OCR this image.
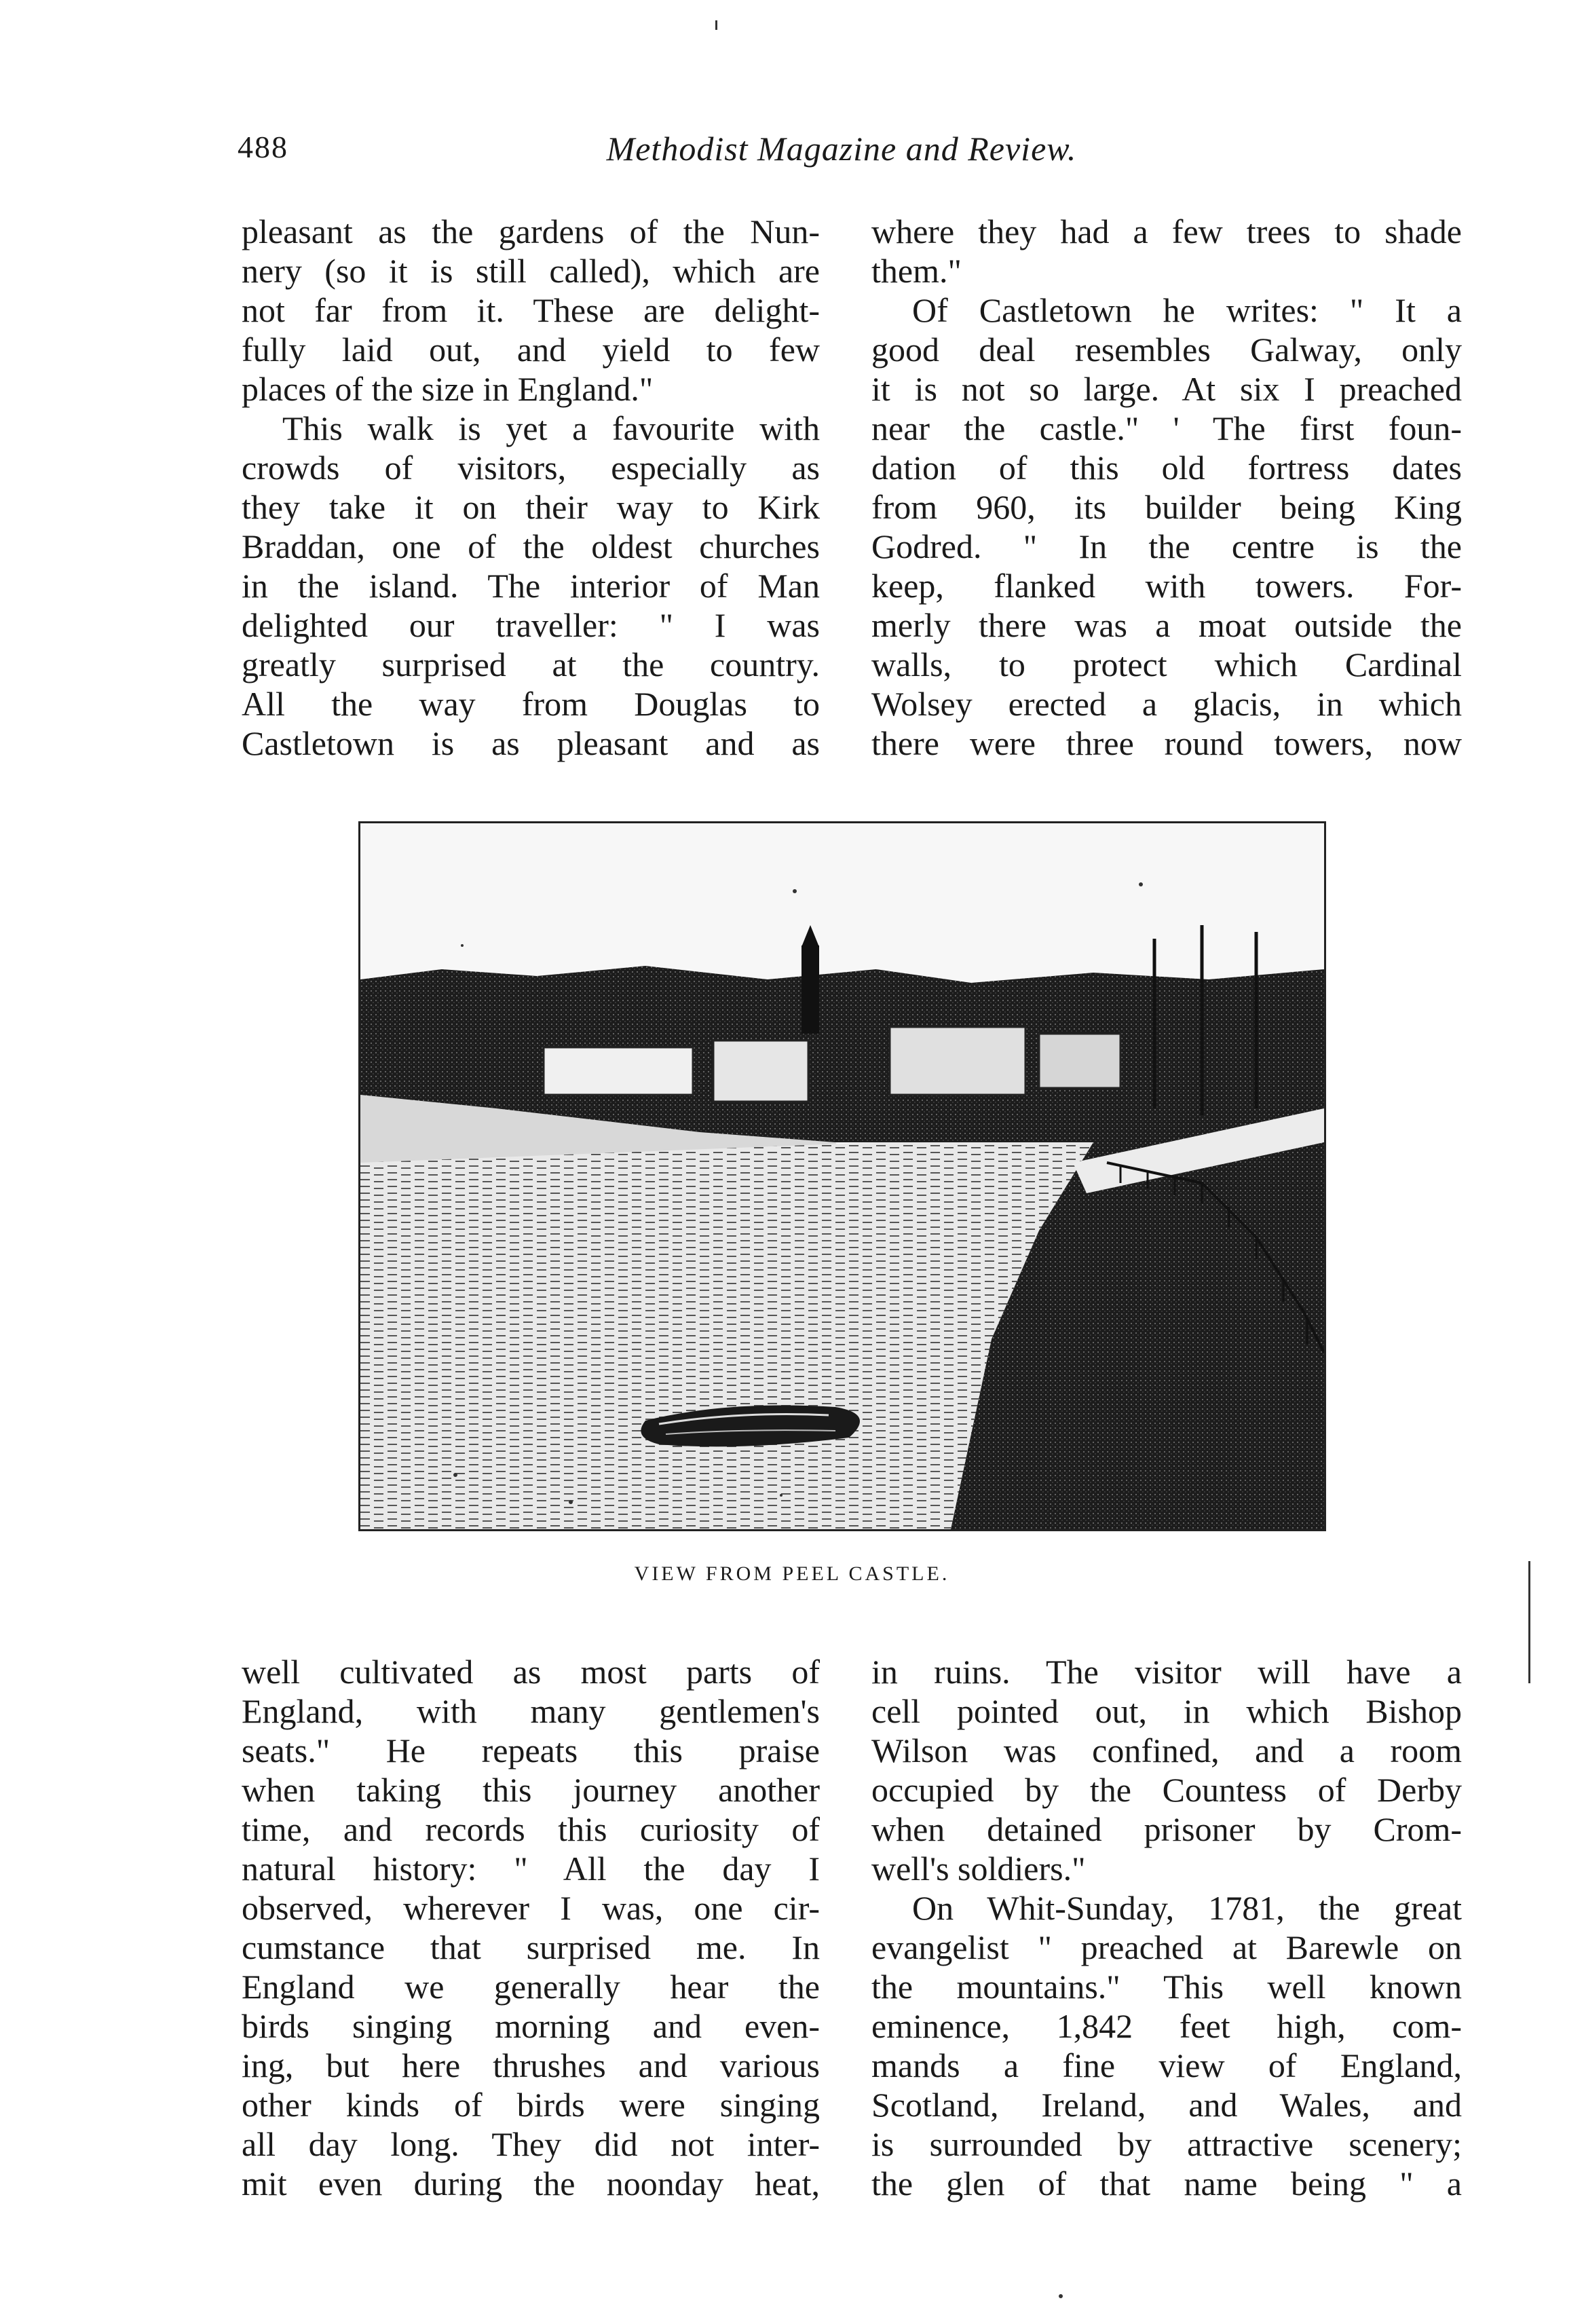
488	Methodist Magazine and Review.
pleasant as the gardens of the Nun-
nery (so it is still called), which are
not far from it. These are delight-
fully laid out, and yield to few
places of the size in England."
This walk is yet a favourite with
crowds of visitors, especially as
they take it on their way to Kirk
Braddan, one of the oldest churches
in the island. The interior of Man
delighted our traveller: " I was
greatly surprised at the country.
All the way from Douglas to
Castletown is as pleasant and as
where they had a few trees to shade
them."
Of Castletown he writes: " It a
good deal resembles Galway, only
it is not so large. At six I preached
near the castle." ' The first foun-
dation of this old fortress dates
from 960, its builder being King
Godred. " In the centre is the
keep, flanked with towers. For-
merly there was a moat outside the
walls, to protect which Cardinal
Wolsey erected a glacis, in which
there were three round towers, now
VIEW FROM PEEL CASTLE.
well cultivated as most parts of
England, with many gentlemen's
seats." He repeats this praise
when taking this journey another
time, and records this curiosity of
natural history: " All the day I
observed, wherever I was, one cir-
cumstance that surprised me. In
England we generally hear the
birds singing morning and even-
ing, but here thrushes and various
other kinds of birds were singing
all day long. They did not inter-
mit even during the noonday heat,
in ruins. The visitor will have a
cell pointed out, in which Bishop
Wilson was confined, and a room
occupied by the Countess of Derby
when detained prisoner by Crom-
well's soldiers."
On Whit-Sunday, 1781, the great
evangelist " preached at Barewle on
the mountains." This well known
eminence, 1,842 feet high, com-
mands a fine view of England,
Scotland, Ireland, and Wales, and
is surrounded by attractive scenery;
the glen of that name being " a
